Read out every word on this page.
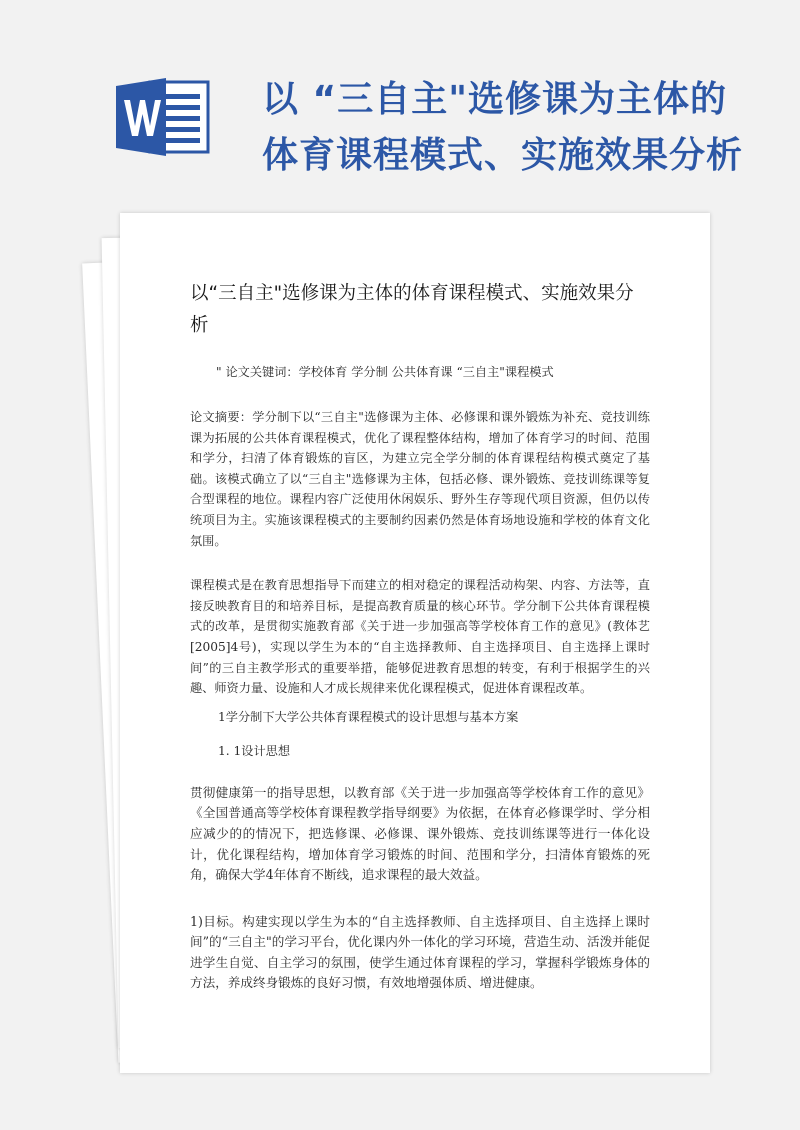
以 “三自主"选修课为主体的
体育课程模式、实施效果分析
以“三自主"选修课为主体的体育课程模式、实施效果分析
" 论文关键词：学校体育 学分制 公共体育课 “三自主"课程模式

论文摘要：学分制下以“三自主"选修课为主体、必修课和课外锻炼为补充、竞技训练课为拓展的公共体育课程模式，优化了课程整体结构，增加了体育学习的时间、范围和学分，扫清了体育锻炼的盲区，为建立完全学分制的体育课程结构模式奠定了基础。该模式确立了以“三自主"选修课为主体，包括必修、课外锻炼、竞技训练课等复合型课程的地位。课程内容广泛使用休闲娱乐、野外生存等现代项目资源，但仍以传统项目为主。实施该课程模式的主要制约因素仍然是体育场地设施和学校的体育文化氛围。

课程模式是在教育思想指导下而建立的相对稳定的课程活动构架、内容、方法等，直接反映教育目的和培养目标，是提高教育质量的核心环节。学分制下公共体育课程模式的改革，是贯彻实施教育部《关于进一步加强高等学校体育工作的意见》(教体艺[2005]4号)，实现以学生为本的“自主选择教师、自主选择项目、自主选择上课时间”的三自主教学形式的重要举措，能够促进教育思想的转变，有利于根据学生的兴趣、师资力量、设施和人才成长规律来优化课程模式，促进体育课程改革。

1学分制下大学公共体育课程模式的设计思想与基本方案
1. 1设计思想

贯彻健康第一的指导思想，以教育部《关于进一步加强高等学校体育工作的意见》《全国普通高等学校体育课程教学指导纲要》为依据，在体育必修课学时、学分相应减少的的情况下，把选修课、必修课、课外锻炼、竞技训练课等进行一体化设计，优化课程结构，增加体育学习锻炼的时间、范围和学分，扫清体育锻炼的死角，确保大学4年体育不断线，追求课程的最大效益。

1)目标。构建实现以学生为本的“自主选择教师、自主选择项目、自主选择上课时间”的“三自主"的学习平台，优化课内外一体化的学习环境，营造生动、活泼并能促进学生自觉、自主学习的氛围，使学生通过体育课程的学习，掌握科学锻炼身体的方法，养成终身锻炼的良好习惯，有效地增强体质、增进健康。
